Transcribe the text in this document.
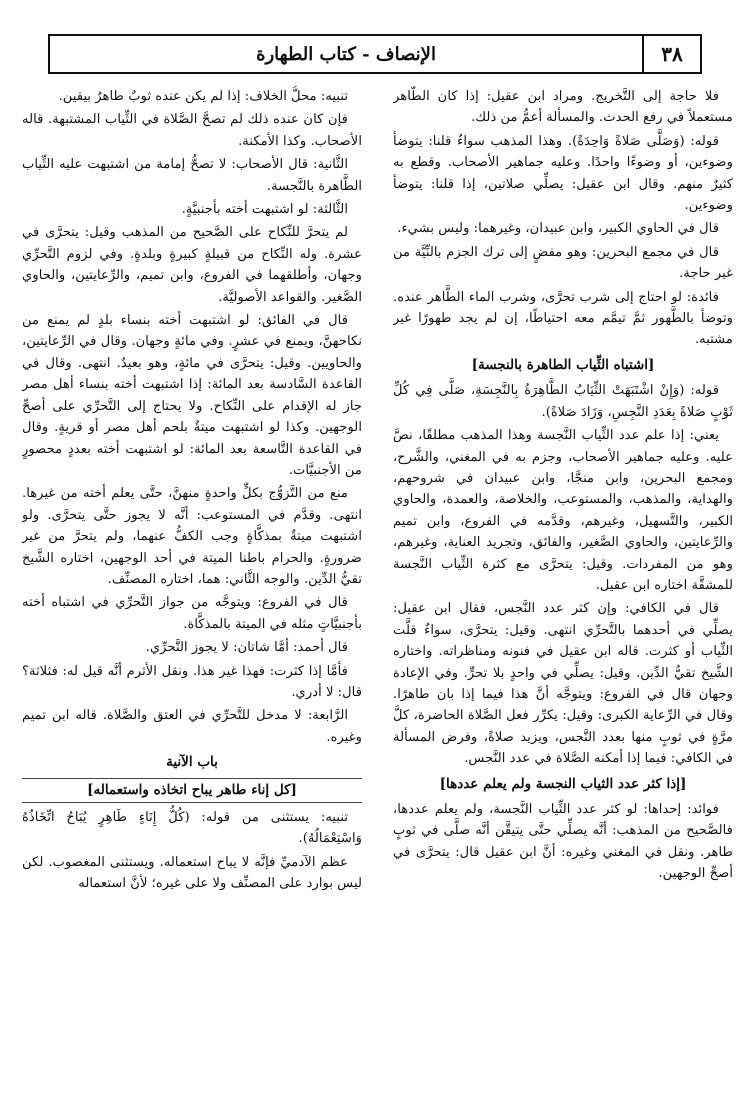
٣٨
الإنصاف - كتاب الطهارة

فلا حاجة إلى التَّخريج. ومراد ابن عقيل: إذا كان الطَّاهر مستعملاً في رفع الحدث. والمسألة أعمُّ من ذلك.

قوله: (وَصَلَّى صَلاةً وَاحِدَةً). وهذا المذهب سواءٌ قلنا: يتوضأ وضوءين، أو وضوءًا واحدًا. وعليه جماهير الأصحاب. وقطع به كثيرٌ منهم. وقال ابن عقيل: يصلِّي صلاتين، إذا قلنا: يتوضأ وضوءين.

قال في الحاوي الكبير، وابن عبيدان، وغيرهما: وليس بشيء.

قال في مجمع البحرين: وهو مفضٍ إلى ترك الجزم بالنِّيَّة من غير حاجة.

فائدة: لو احتاج إلى شرب تحرَّى، وشرب الماء الطَّاهر عنده. وتوضأ بالطَّهور ثمَّ تيمَّم معه احتياطًا، إن لم يجد طهورًا غير مشتبه.

[اشتباه الثِّياب الطاهرة بالنجسة]

قوله: (وَإِنْ اشْتَبَهَتْ الثِّيَابُ الطَّاهِرَةُ بِالنَّجِسَةِ، صَلَّى فِي كُلِّ ثَوْبٍ صَلاةً بِعَدَدِ النَّجِسِ، وَزَادَ صَلاةً).

يعني: إذا علم عدد الثِّياب النَّجسة وهذا المذهب مطلقًا، نصَّ عليه. وعليه جماهير الأصحاب، وجزم به في المغني، والشَّرح، ومجمع البحرين، وابن منجَّا، وابن عبيدان في شروحهم، والهداية، والمذهب، والمستوعب، والخلاصة، والعمدة، والحاوي الكبير، والتَّسهيل، وغيرهم، وقدَّمه في الفروع، وابن تميم والرِّعايتين، والحاوي الصَّغير، والفائق، وتجريد العناية، وغيرهم، وهو من المفردات. وقيل: يتحرَّى مع كثرة الثِّياب النَّجسة للمشقَّة اختاره ابن عقيل.

قال في الكافي: وإن كثر عدد النَّجس، فقال ابن عقيل: يصلِّي في أحدهما بالتَّحرِّي انتهى. وقيل: يتحرَّى، سواءٌ قلَّت الثِّياب أو كثرت. قاله ابن عقيل في فنونه ومناظراته. واختاره الشَّيخ تقيُّ الدِّين. وقيل: يصلِّي في واحدٍ بلا تحرٍّ. وفي الإعادة وجهان قال في الفروع: ويتوجَّه أنَّ هذا فيما إذا بان طاهرًا. وقال في الرِّعاية الكبرى: وقيل: يكرِّر فعل الصَّلاة الحاضرة، كلَّ مرَّةٍ في ثوبٍ منها بعدد النَّجس، ويزيد صلاةً، وفرض المسألة في الكافي: فيما إذا أمكنه الصَّلاة في عدد النَّجس.

[إذا كثر عدد الثياب النجسة ولم يعلم عددها]

فوائد: إحداها: لو كثر عدد الثِّياب النَّجسة، ولم يعلم عددها، فالصَّحيح من المذهب: أنَّه يصلِّي حتَّى يتيقَّن أنَّه صلَّى في ثوبٍ طاهر. ونقل في المغني وغيره: أنَّ ابن عقيل قال: يتحرَّى في أصحِّ الوجهين.

تنبيه: محلُّ الخلاف: إذا لم يكن عنده ثوبٌ طاهرٌ بيقين.

فإن كان عنده ذلك لم تصحَّ الصَّلاة في الثِّياب المشتبهة. قاله الأصحاب. وكذا الأمكنة.

الثَّانية: قال الأصحاب: لا تصحُّ إمامة من اشتبهت عليه الثِّياب الطَّاهرة بالنَّجسة.

الثَّالثة: لو اشتبهت أخته بأجنبيَّةٍ.

لم يتحرَّ للنِّكاح على الصَّحيح من المذهب وقيل: يتحرَّى في عشرة. وله النِّكاح من قبيلةٍ كبيرةٍ وبلدةٍ. وفي لزوم التَّحرِّي وجهان، وأطلقهما في الفروع، وابن تميم، والرِّعايتين، والحاوي الصَّغير. والقواعد الأصوليَّة.

قال في الفائق: لو اشتبهت أخته بنساء بلدٍ لم يمنع من نكاحهنَّ، ويمنع في عشرٍ. وفي مائةٍ وجهان. وقال في الرِّعايتين، والحاويين. وقيل: يتحرَّى في مائةٍ، وهو بعيدٌ. انتهى. وقال في القاعدة السَّادسة بعد المائة: إذا اشتبهت أخته بنساء أهل مصر جاز له الإقدام على النِّكاح. ولا يحتاج إلى التَّحرِّي على أصحِّ الوجهين. وكذا لو اشتبهت ميتةٌ بلحم أهل مصر أو قريةٍ. وقال في القاعدة التَّاسعة بعد المائة: لو اشتبهت أخته بعددٍ محصورٍ من الأجنبيَّات.

منع من التَّزوُّج بكلٍّ واحدةٍ منهنَّ، حتَّى يعلم أخته من غيرها. انتهى. وقدَّم في المستوعب: أنَّه لا يجوز حتَّى يتحرَّى. ولو اشتبهت ميتةٌ بمذكَّاةٍ وجب الكفُّ عنهما، ولم يتحرَّ من غير ضرورةٍ. والحرام باطنا الميتة في أحد الوجهين، اختاره الشَّيخ تقيُّ الدِّين. والوجه الثَّاني: هما، اختاره المصنِّف.

قال في الفروع: ويتوجَّه من جواز التَّحرِّي في اشتباه أخته بأجنبيَّاتٍ مثله في الميتة بالمذكَّاة.

قال أحمد: أمَّا شاتان: لا يجوز التَّحرِّي.

فأمَّا إذا كثرت: فهذا غير هذا. ونقل الأثرم أنَّه قيل له: فثلاثة؟ قال: لا أدري.

الرَّابعة: لا مدخل للتَّحرِّي في العتق والصَّلاة. قاله ابن تميم وغيره.

باب الآنية
[كل إناء طاهر يباح اتخاذه واستعماله]

تنبيه: يستثنى من قوله: (كُلُّ إِنَاءٍ طَاهِرٍ يُبَاحُ اتِّخَاذُهُ وَاسْتِعْمَالُهُ).

عظم الآدميِّ فإنَّه لا يباح استعماله. ويستثنى المغصوب. لكن ليس بوارد على المصنِّف ولا على غيره؛ لأنَّ استعماله
